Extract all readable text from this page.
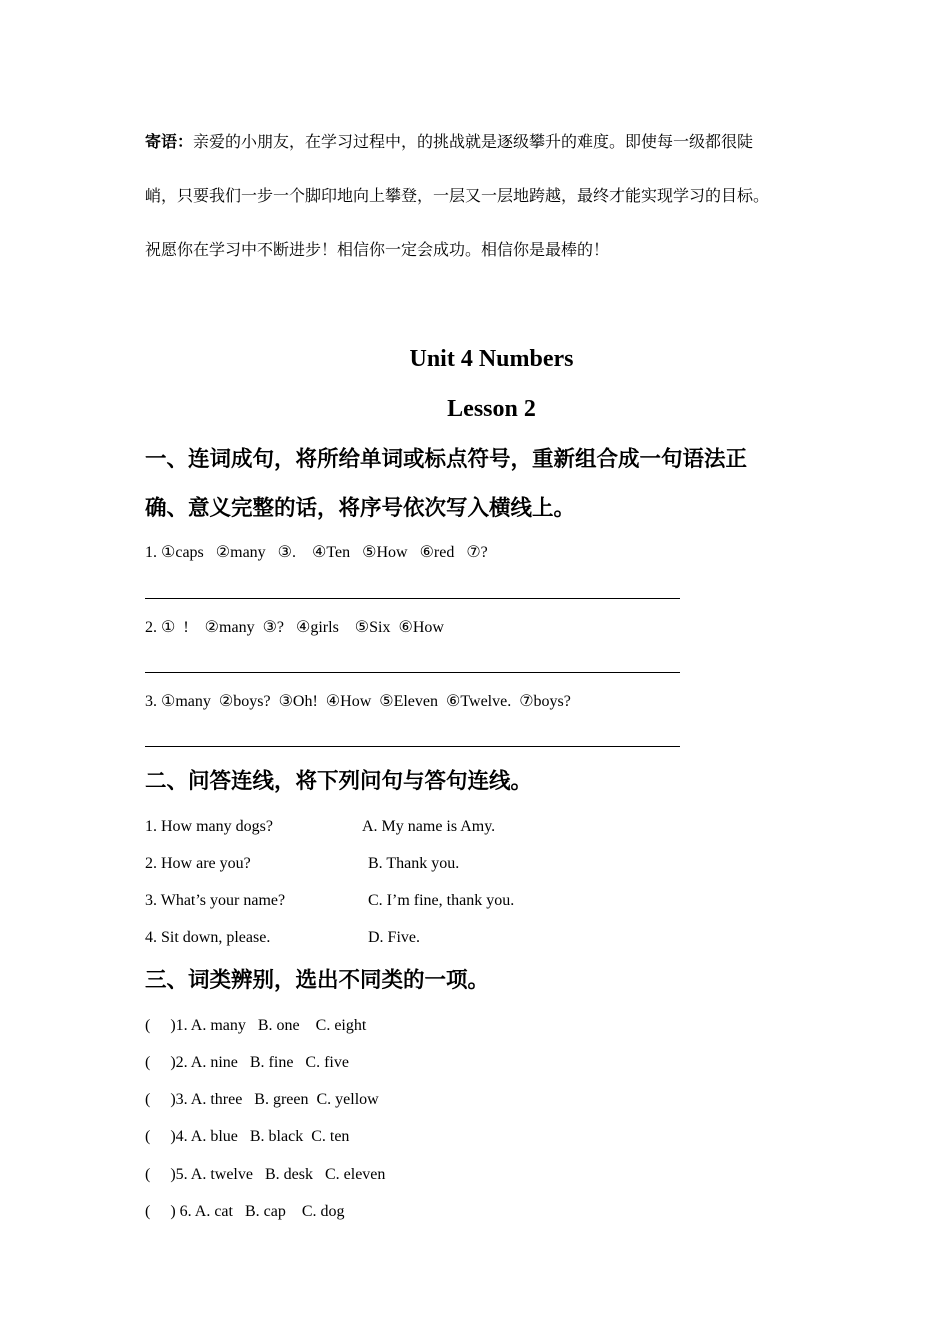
寄语：亲爱的小朋友，在学习过程中，的挑战就是逐级攀升的难度。即使每一级都很陡
峭，只要我们一步一个脚印地向上攀登，一层又一层地跨越，最终才能实现学习的目标。
祝愿你在学习中不断进步！相信你一定会成功。相信你是最棒的！
Unit 4 Numbers
Lesson 2
一、连词成句，将所给单词或标点符号，重新组合成一句语法正
确、意义完整的话，将序号依次写入横线上。
1. ①caps   ②many   ③.    ④Ten   ⑤How   ⑥red   ⑦?
2. ①  !    ②many  ③?   ④girls    ⑤Six  ⑥How
3. ①many  ②boys?  ③Oh!  ④How  ⑤Eleven  ⑥Twelve.  ⑦boys?
二、问答连线，将下列问句与答句连线。
1. How many dogs?	A. My name is Amy.
2. How are you?	B. Thank you.
3. What’s your name?	C. I’m fine, thank you.
4. Sit down, please.	D. Five.
三、词类辨别，选出不同类的一项。
(     )1. A. many   B. one    C. eight
(     )2. A. nine   B. fine   C. five
(     )3. A. three   B. green  C. yellow
(     )4. A. blue   B. black  C. ten
(     )5. A. twelve   B. desk   C. eleven
(     ) 6. A. cat   B. cap    C. dog
